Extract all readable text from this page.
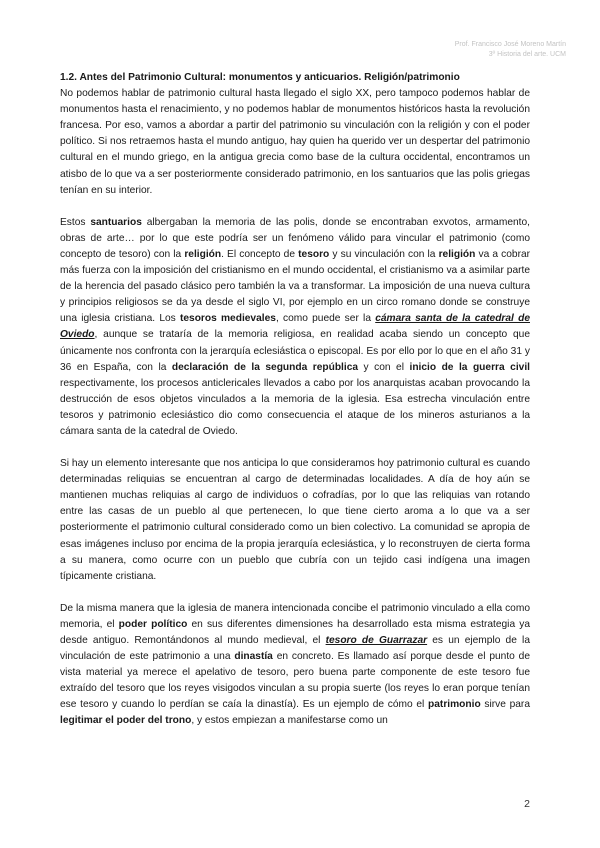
Prof. Francisco José Moreno Martín
3º Historia del arte. UCM
1.2. Antes del Patrimonio Cultural: monumentos y anticuarios. Religión/patrimonio

No podemos hablar de patrimonio cultural hasta llegado el siglo XX, pero tampoco podemos hablar de monumentos hasta el renacimiento, y no podemos hablar de monumentos históricos hasta la revolución francesa. Por eso, vamos a abordar a partir del patrimonio su vinculación con la religión y con el poder político. Si nos retraemos hasta el mundo antiguo, hay quien ha querido ver un despertar del patrimonio cultural en el mundo griego, en la antigua grecia como base de la cultura occidental, encontramos un atisbo de lo que va a ser posteriormente considerado patrimonio, en los santuarios que las polis griegas tenían en su interior.

Estos santuarios albergaban la memoria de las polis, donde se encontraban exvotos, armamento, obras de arte… por lo que este podría ser un fenómeno válido para vincular el patrimonio (como concepto de tesoro) con la religión. El concepto de tesoro y su vinculación con la religión va a cobrar más fuerza con la imposición del cristianismo en el mundo occidental, el cristianismo va a asimilar parte de la herencia del pasado clásico pero también la va a transformar. La imposición de una nueva cultura y principios religiosos se da ya desde el siglo VI, por ejemplo en un circo romano donde se construye una iglesia cristiana. Los tesoros medievales, como puede ser la cámara santa de la catedral de Oviedo, aunque se trataría de la memoria religiosa, en realidad acaba siendo un concepto que únicamente nos confronta con la jerarquía eclesiástica o episcopal. Es por ello por lo que en el año 31 y 36 en España, con la declaración de la segunda república y con el inicio de la guerra civil respectivamente, los procesos anticlericales llevados a cabo por los anarquistas acaban provocando la destrucción de esos objetos vinculados a la memoria de la iglesia. Esa estrecha vinculación entre tesoros y patrimonio eclesiástico dio como consecuencia el ataque de los mineros asturianos a la cámara santa de la catedral de Oviedo.

Si hay un elemento interesante que nos anticipa lo que consideramos hoy patrimonio cultural es cuando determinadas reliquias se encuentran al cargo de determinadas localidades. A día de hoy aún se mantienen muchas reliquias al cargo de individuos o cofradías, por lo que las reliquias van rotando entre las casas de un pueblo al que pertenecen, lo que tiene cierto aroma a lo que va a ser posteriormente el patrimonio cultural considerado como un bien colectivo. La comunidad se apropia de esas imágenes incluso por encima de la propia jerarquía eclesiástica, y lo reconstruyen de cierta forma a su manera, como ocurre con un pueblo que cubría con un tejido casi indígena una imagen típicamente cristiana.

De la misma manera que la iglesia de manera intencionada concibe el patrimonio vinculado a ella como memoria, el poder político en sus diferentes dimensiones ha desarrollado esta misma estrategia ya desde antiguo. Remontándonos al mundo medieval, el tesoro de Guarrazar es un ejemplo de la vinculación de este patrimonio a una dinastía en concreto. Es llamado así porque desde el punto de vista material ya merece el apelativo de tesoro, pero buena parte componente de este tesoro fue extraído del tesoro que los reyes visigodos vinculan a su propia suerte (los reyes lo eran porque tenían ese tesoro y cuando lo perdían se caía la dinastía). Es un ejemplo de cómo el patrimonio sirve para legitimar el poder del trono, y estos empiezan a manifestarse como un

2
